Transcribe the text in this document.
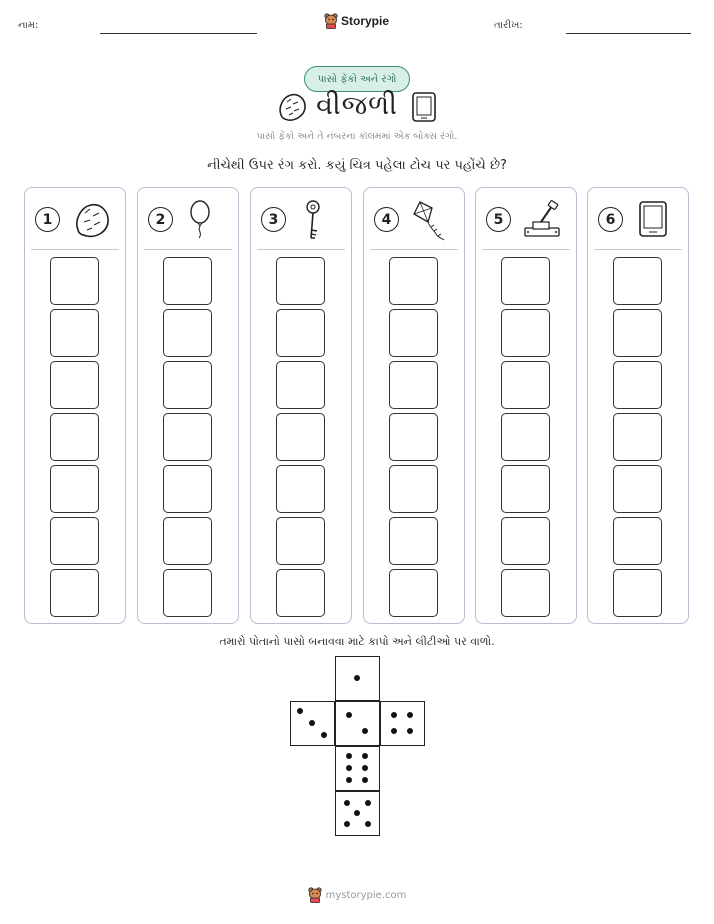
નામ:	Storypie	તારીખ:
પાસો ફેંકો અને રંગો
વીજળી
પાસો ફેંકો અને તે નંબરના કૉલમમાં એક બોક્સ રંગો.
નીચેથી ઉપર રંગ કરો. કયું ચિત્ર પહેલા ટોચ પર પહોંચે છે?
1	2	3	4	5	6
તમારો પોતાનો પાસો બનાવવા માટે કાપો અને લીટીઓ પર વાળો.
mystorypie.com
